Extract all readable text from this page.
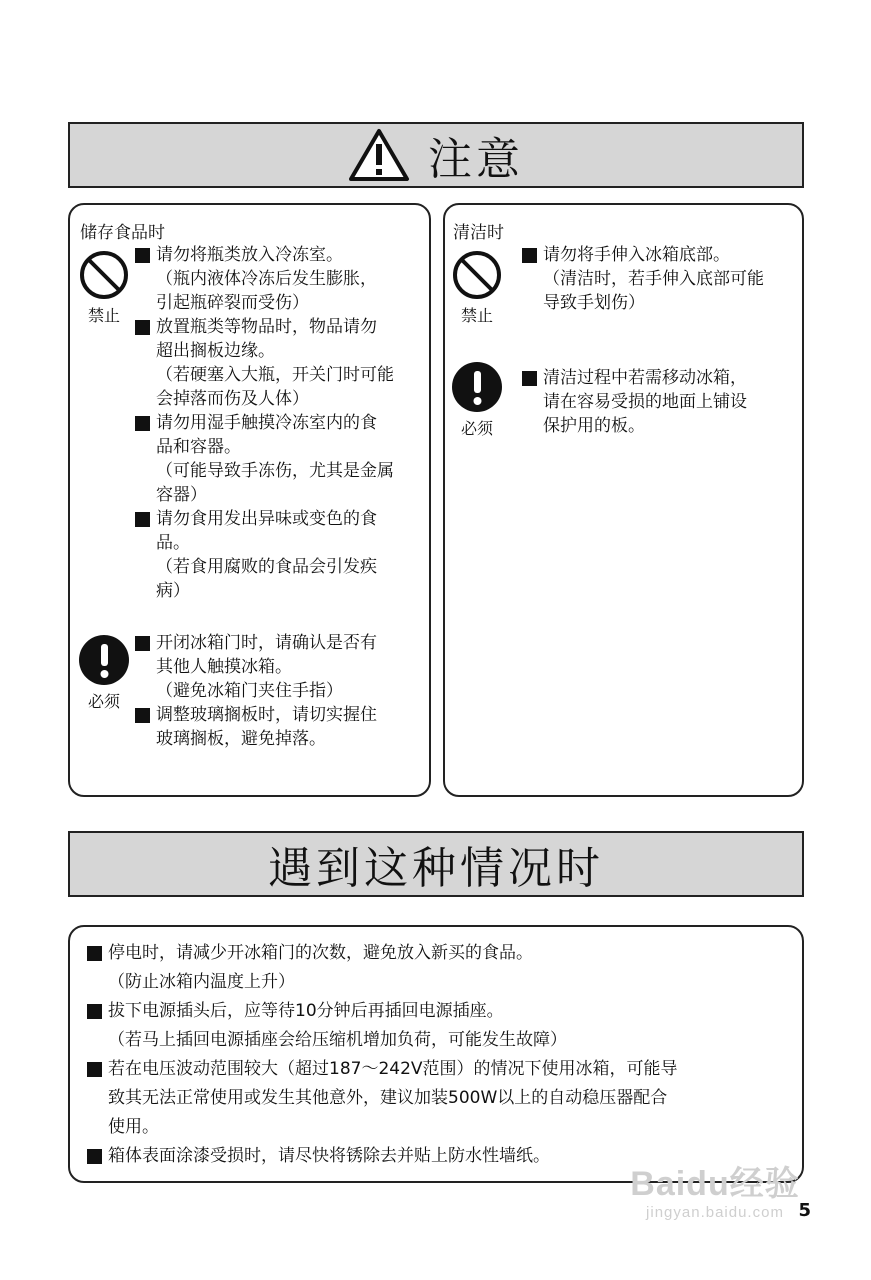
注意
储存食品时
禁止
请勿将瓶类放入冷冻室。
（瓶内液体冷冻后发生膨胀，
引起瓶碎裂而受伤）
放置瓶类等物品时，物品请勿
超出搁板边缘。
（若硬塞入大瓶，开关门时可能
会掉落而伤及人体）
请勿用湿手触摸冷冻室内的食
品和容器。
（可能导致手冻伤，尤其是金属
容器）
请勿食用发出异味或变色的食
品。
（若食用腐败的食品会引发疾
病）
必须
开闭冰箱门时，请确认是否有
其他人触摸冰箱。
（避免冰箱门夹住手指）
调整玻璃搁板时，请切实握住
玻璃搁板，避免掉落。
清洁时
禁止
请勿将手伸入冰箱底部。
（清洁时，若手伸入底部可能
导致手划伤）
必须
清洁过程中若需移动冰箱，
请在容易受损的地面上铺设
保护用的板。
遇到这种情况时
停电时，请减少开冰箱门的次数，避免放入新买的食品。
（防止冰箱内温度上升）
拔下电源插头后，应等待10分钟后再插回电源插座。
（若马上插回电源插座会给压缩机增加负荷，可能发生故障）
若在电压波动范围较大（超过187～242V范围）的情况下使用冰箱，可能导
致其无法正常使用或发生其他意外，建议加装500W以上的自动稳压器配合
使用。
箱体表面涂漆受损时，请尽快将锈除去并贴上防水性墙纸。
5
Baidu经验
jingyan.baidu.com
